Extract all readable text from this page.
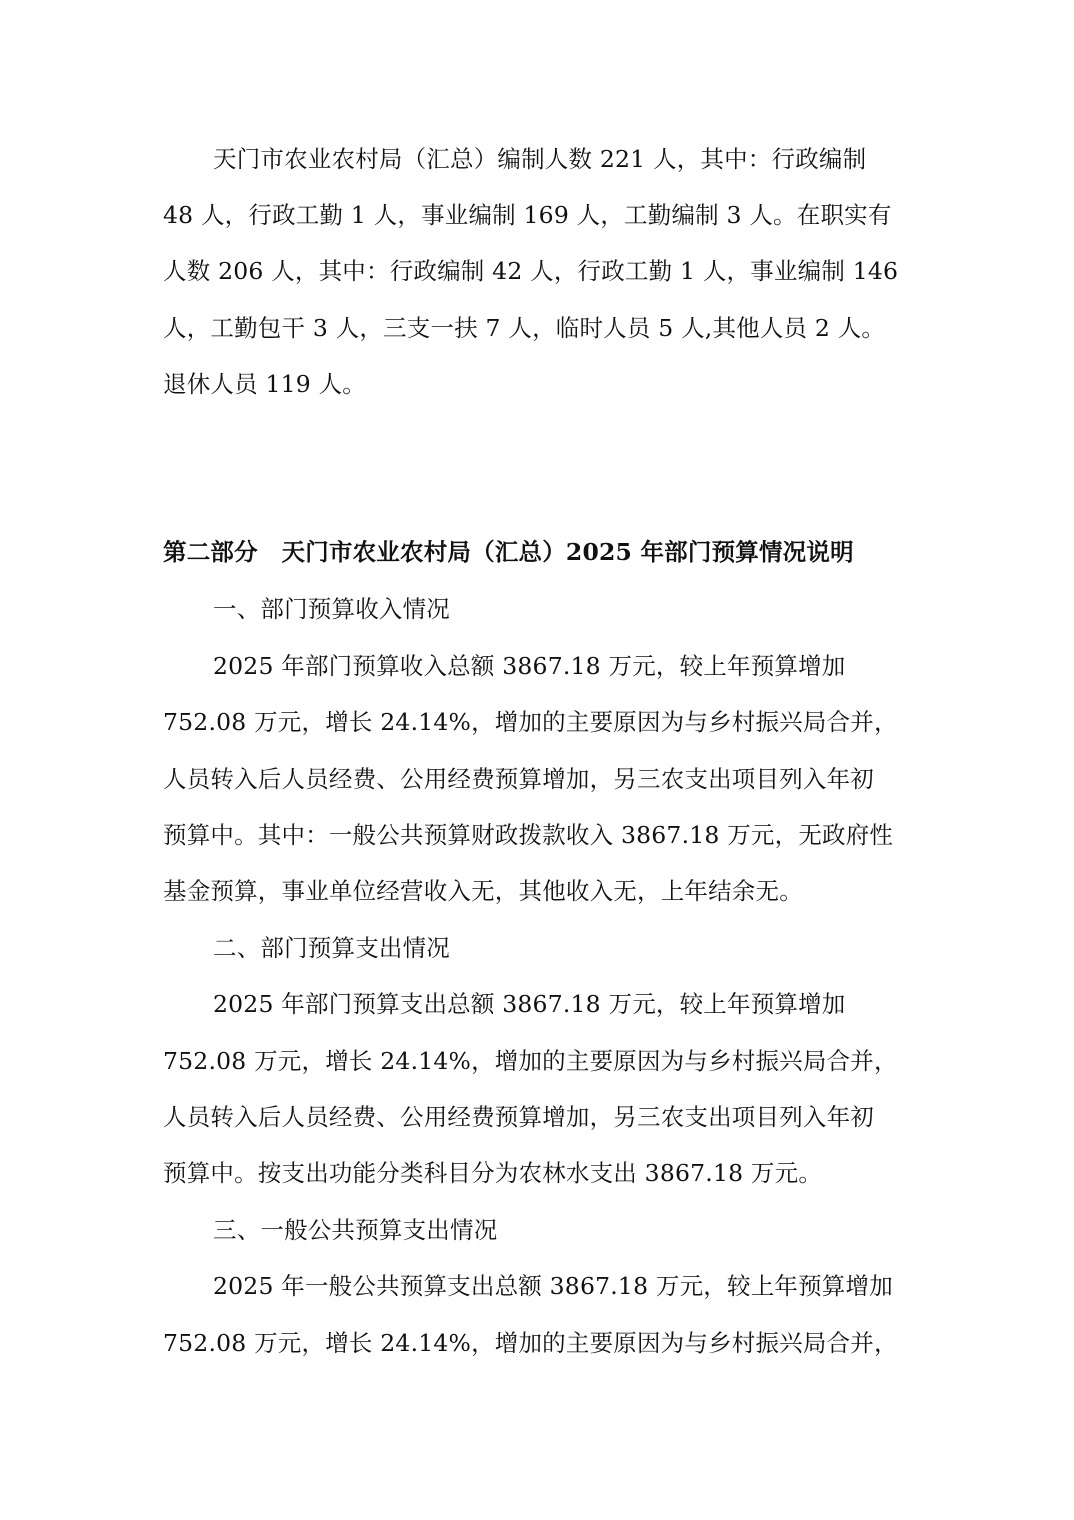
天门市农业农村局（汇总）编制人数 221 人，其中：行政编制
48 人，行政工勤 1 人，事业编制 169 人，工勤编制 3 人。在职实有
人数 206 人，其中：行政编制 42 人，行政工勤 1 人，事业编制 146
人，工勤包干 3 人，三支一扶 7 人，临时人员 5 人,其他人员 2 人。
退休人员 119 人。
第二部分　天门市农业农村局（汇总）2025 年部门预算情况说明
一、部门预算收入情况
2025 年部门预算收入总额 3867.18 万元，较上年预算增加
752.08 万元，增长 24.14%，增加的主要原因为与乡村振兴局合并，
人员转入后人员经费、公用经费预算增加，另三农支出项目列入年初
预算中。其中：一般公共预算财政拨款收入 3867.18 万元，无政府性
基金预算，事业单位经营收入无，其他收入无，上年结余无。
二、部门预算支出情况
2025 年部门预算支出总额 3867.18 万元，较上年预算增加
752.08 万元，增长 24.14%，增加的主要原因为与乡村振兴局合并，
人员转入后人员经费、公用经费预算增加，另三农支出项目列入年初
预算中。按支出功能分类科目分为农林水支出 3867.18 万元。
三、一般公共预算支出情况
2025 年一般公共预算支出总额 3867.18 万元，较上年预算增加
752.08 万元，增长 24.14%，增加的主要原因为与乡村振兴局合并，
